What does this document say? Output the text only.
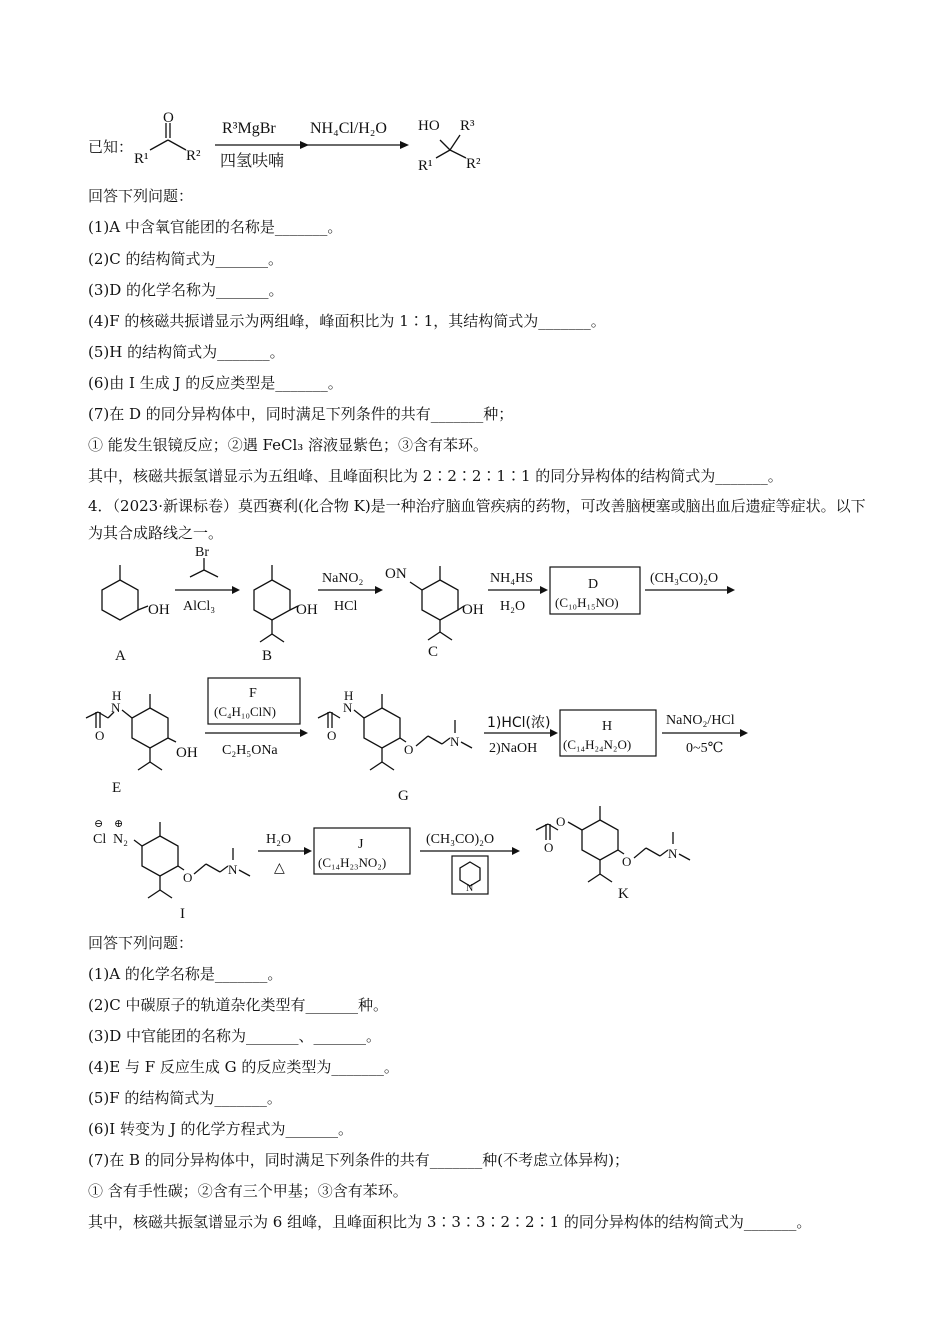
已知：
O
R¹ R²
R³MgBr
四氢呋喃
NH₄Cl/H₂O HO R³
R¹ R²
回答下列问题：
(1)A 中含氧官能团的名称是_______。
(2)C 的结构简式为_______。
(3)D 的化学名称为_______。
(4)F 的核磁共振谱显示为两组峰，峰面积比为 1∶1，其结构简式为_______。
(5)H 的结构简式为_______。
(6)由 I 生成 J 的反应类型是_______。
(7)在 D 的同分异构体中，同时满足下列条件的共有_______种；
① 能发生银镜反应；②遇 FeCl₃ 溶液显紫色；③含有苯环。
其中，核磁共振氢谱显示为五组峰、且峰面积比为 2∶2∶2∶1∶1 的同分异构体的结构简式为_______。
4．（2023·新课标卷）莫西赛利(化合物 K)是一种治疗脑血管疾病的药物，可改善脑梗塞或脑出血后遗症等症状。以下为其合成路线之一。
OH
A
Br
AlCl₃	OH
B
NaNO₂
HCl
ON
OH
C
NH₄HS
H₂O
D
(C₁₀H₁₅NO)
(CH₃CO)₂O
O
N
H
OH
E
F
(C₄H₁₀ClN)
C₂H₅ONa
O
N
H
O
N
G
1)HCl(浓)
2)NaOH
H
(C₁₄H₂₄N₂O)
NaNO₂/HCl
0~5℃
⊖
Cl
⊕
N₂
O
N
I
H₂O
△
J
(C₁₄H₂₃NO₂)
(CH₃CO)₂O
N
O
O
O
N
K
回答下列问题：
(1)A 的化学名称是_______。
(2)C 中碳原子的轨道杂化类型有_______种。
(3)D 中官能团的名称为_______、_______。
(4)E 与 F 反应生成 G 的反应类型为_______。
(5)F 的结构简式为_______。
(6)I 转变为 J 的化学方程式为_______。
(7)在 B 的同分异构体中，同时满足下列条件的共有_______种(不考虑立体异构)；
① 含有手性碳；②含有三个甲基；③含有苯环。
其中，核磁共振氢谱显示为 6 组峰，且峰面积比为 3∶3∶3∶2∶2∶1 的同分异构体的结构简式为_______。
